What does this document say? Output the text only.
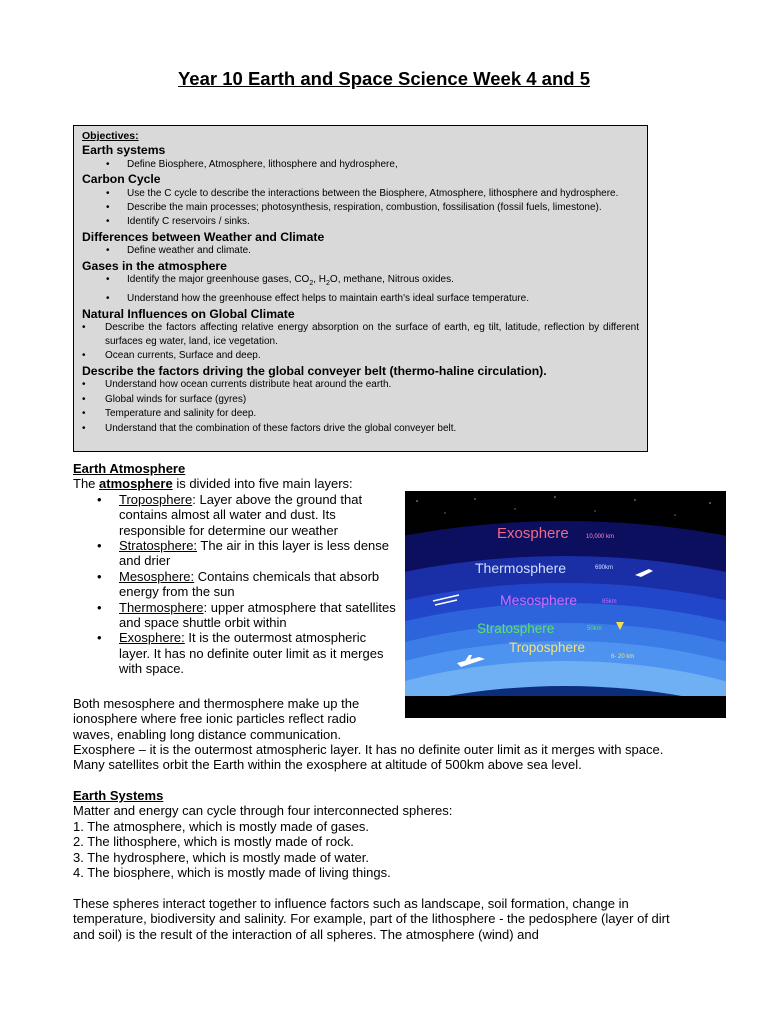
Year 10 Earth and Space Science Week 4 and 5
Objectives:
Earth systems
• Define Biosphere, Atmosphere, lithosphere and hydrosphere,
Carbon Cycle
• Use the C cycle to describe the interactions between the Biosphere, Atmosphere, lithosphere and hydrosphere.
• Describe the main processes; photosynthesis, respiration, combustion, fossilisation (fossil fuels, limestone).
• Identify C reservoirs / sinks.
Differences between Weather and Climate
• Define weather and climate.
Gases in the atmosphere
• Identify the major greenhouse gases, $CO_2$, $H_2O$, methane, Nitrous oxides.
• Understand how the greenhouse effect helps to maintain earth's ideal surface temperature.
Natural Influences on Global Climate
• Describe the factors affecting relative energy absorption on the surface of earth, eg tilt, latitude, reflection by different surfaces eg water, land, ice vegetation.
• Ocean currents, Surface and deep.
Describe the factors driving the global conveyer belt (thermo-haline circulation).
• Understand how ocean currents distribute heat around the earth.
• Global winds for surface (gyres)
• Temperature and salinity for deep.
• Understand that the combination of these factors drive the global conveyer belt.
Earth Atmosphere
The atmosphere is divided into five main layers:
• Troposphere: Layer above the ground that contains almost all water and dust. Its responsible for determine our weather
• Stratosphere: The air in this layer is less dense and drier
• Mesosphere: Contains chemicals that absorb energy from the sun
• Thermosphere: upper atmosphere that satellites and space shuttle orbit within
• Exosphere: It is the outermost atmospheric layer. It has no definite outer limit as it merges with space.
Both mesosphere and thermosphere make up the
ionosphere where free ionic particles reflect radio
waves, enabling long distance communication.
Exosphere – it is the outermost atmospheric layer. It has no definite outer limit as it merges with space. Many satellites orbit the Earth within the exosphere at altitude of 500km above sea level.
Exosphere	10,000 km
Thermosphere	690km
Mesosphere	85km
Stratosphere	50km
Troposphere
6- 20 km
Earth Systems
Matter and energy can cycle through four interconnected spheres:
1. The atmosphere, which is mostly made of gases.
2. The lithosphere, which is mostly made of rock.
3. The hydrosphere, which is mostly made of water.
4. The biosphere, which is mostly made of living things.
These spheres interact together to influence factors such as landscape, soil formation, change in temperature, biodiversity and salinity. For example, part of the lithosphere - the pedosphere (layer of dirt and soil) is the result of the interaction of all spheres. The atmosphere (wind) and
